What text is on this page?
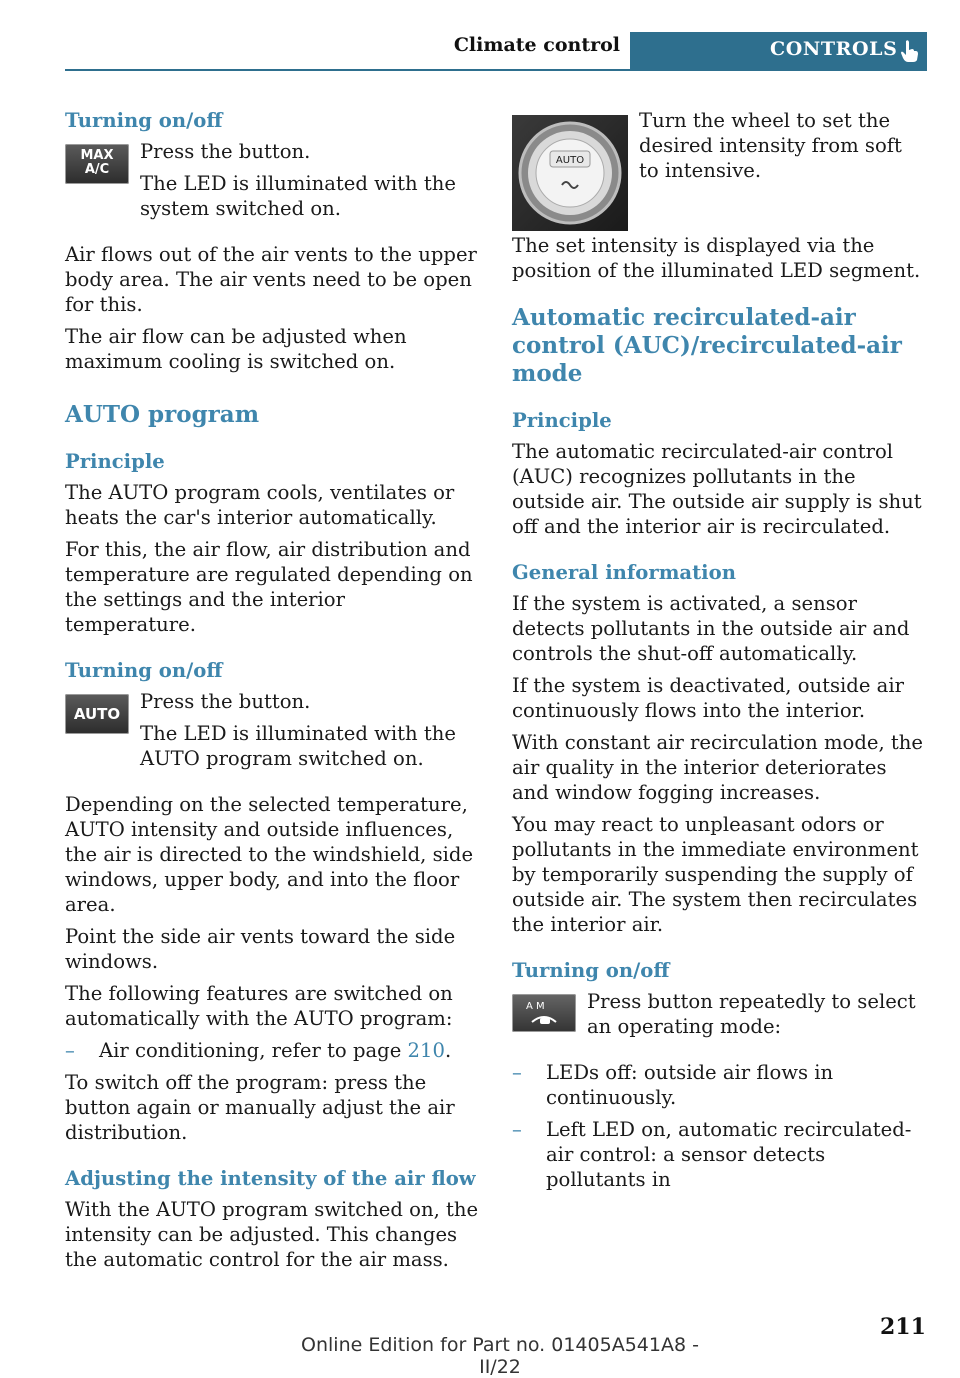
Climate control	CONTROLS
Turning on/off
MAX
A/C

Press the button.

The LED is illuminated with the system switched on.

Air flows out of the air vents to the upper body area. The air vents need to be open for this.

The air flow can be adjusted when maximum cooling is switched on.

AUTO program
Principle

The AUTO program cools, ventilates or heats the car's interior automatically.

For this, the air flow, air distribution and temperature are regulated depending on the settings and the interior temperature.

Turning on/off
AUTO

Press the button.

The LED is illuminated with the AUTO program switched on.

Depending on the selected temperature, AUTO intensity and outside influences, the air is directed to the windshield, side windows, upper body, and into the floor area.

Point the side air vents toward the side windows.

The following features are switched on automatically with the AUTO program:

– Air conditioning, refer to page 210.

To switch off the program: press the button again or manually adjust the air distribution.

Adjusting the intensity of the air flow

With the AUTO program switched on, the intensity can be adjusted. This changes the automatic control for the air mass.

AUTO

Turn the wheel to set the desired intensity from soft to intensive.

The set intensity is displayed via the position of the illuminated LED segment.

Automatic recirculated-air control (AUC)/recirculated-air mode
Principle

The automatic recirculated-air control (AUC) recognizes pollutants in the outside air. The outside air supply is shut off and the interior air is recirculated.

General information

If the system is activated, a sensor detects pollutants in the outside air and controls the shut-off automatically.

If the system is deactivated, outside air continuously flows into the interior.

With constant air recirculation mode, the air quality in the interior deteriorates and window fogging increases.

You may react to unpleasant odors or pollutants in the immediate environment by temporarily suspending the supply of outside air. The system then recirculates the interior air.

Turning on/off
A M	Press button repeatedly to select an operating mode:

– LEDs off: outside air flows in continuously.
– Left LED on, automatic recirculated-air control: a sensor detects pollutants in
211
Online Edition for Part no. 01405A541A8 - II/22
